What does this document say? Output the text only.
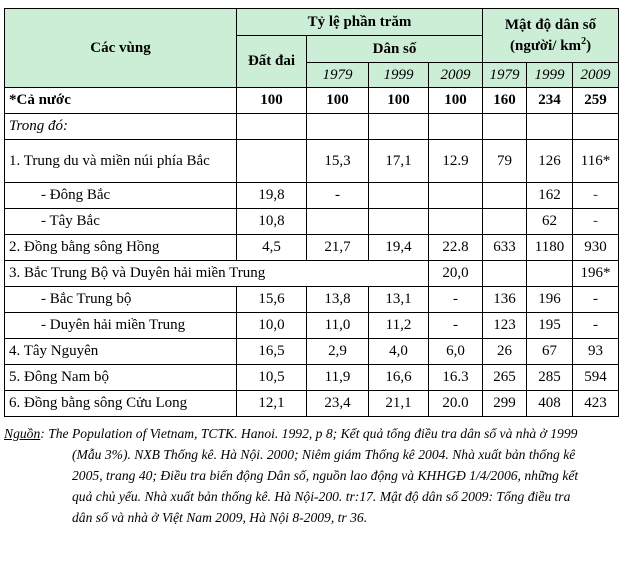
Các vùng	Tỷ lệ phần trăm				Mật độ dân số
(người/ $km^2$)		

	Đất đai	Dân số					
		1979	1999	2009	1979	1999	2009
*Cả nước	100	100	100	100	160	234	259
Trong đó:							
1. Trung du và miền núi phía Bắc		15,3	17,1	12.9	79	126	116*
- Đông Bắc	19,8	-				162	-
- Tây Bắc	10,8					62	-
2. Đồng bằng sông Hồng	4,5	21,7	19,4	22.8	633	1180	930
3. Bắc Trung Bộ và Duyên hải miền Trung				20,0			196*
- Bắc Trung bộ	15,6	13,8	13,1	-	136	196	-
- Duyên hải miền Trung	10,0	11,0	11,2	-	123	195	-
4. Tây Nguyên	16,5	2,9	4,0	6,0	26	67	93
5. Đông Nam bộ	10,5	11,9	16,6	16.3	265	285	594
6. Đồng bằng sông Cửu Long	12,1	23,4	21,1	20.0	299	408	423
Nguồn: The Population of Vietnam, TCTK. Hanoi. 1992, p 8; Kết quả tổng điều tra dân số và nhà ở 1999 (Mẫu 3%). NXB Thống kê. Hà Nội. 2000; Niêm giám Thống kê 2004. Nhà xuất bản thống kê 2005, trang 40; Điều tra biến động Dân số, nguồn lao động và KHHGĐ 1/4/2006, những kết quả chủ yếu. Nhà xuất bản thống kê. Hà Nội-200. tr:17. Mật độ dân số 2009: Tổng điều tra dân số và nhà ở Việt Nam 2009, Hà Nội 8-2009, tr 36.
